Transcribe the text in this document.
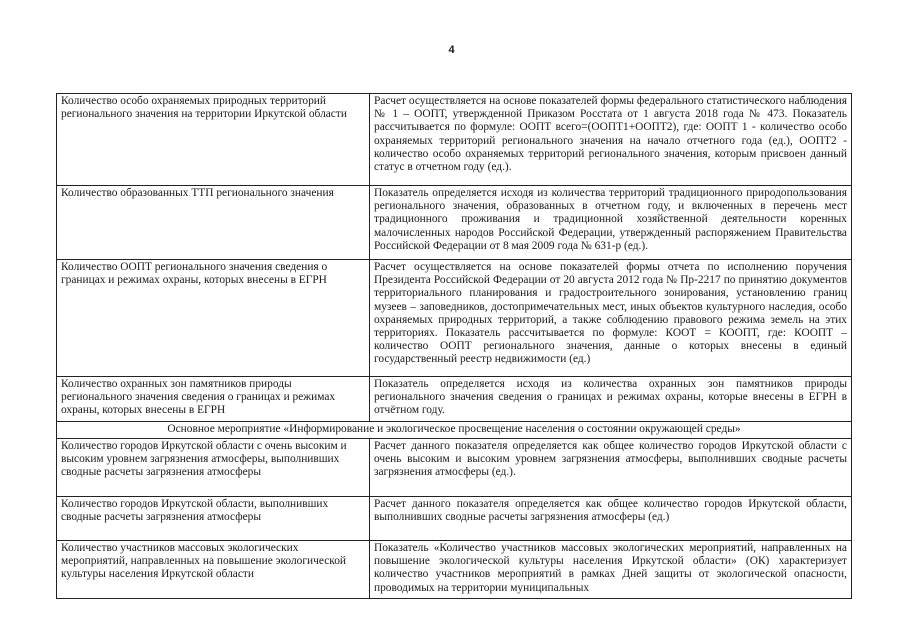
4
Количество особо охраняемых природных территорий регионального значения на территории Иркутской области	Расчет осуществляется на основе показателей формы федерального статистического наблюдения № 1 – ООПТ, утвержденной Приказом Росстата от 1 августа 2018 года № 473. Показатель рассчитывается по формуле: ООПТ всего=(ООПТ1+ООПТ2), где: ООПТ 1 - количество особо охраняемых территорий регионального значения на начало отчетного года (ед.), ООПТ2 - количество особо охраняемых территорий регионального значения, которым присвоен данный статус в отчетном году (ед.).
Количество образованных ТТП регионального значения	Показатель определяется исходя из количества территорий традиционного природопользования регионального значения, образованных в отчетном году, и включенных в перечень мест традиционного проживания и традиционной хозяйственной деятельности коренных малочисленных народов Российской Федерации, утвержденный распоряжением Правительства Российской Федерации от 8 мая 2009 года № 631-р (ед.).
Количество ООПТ регионального значения сведения о границах и режимах охраны, которых внесены в ЕГРН	Расчет осуществляется на основе показателей формы отчета по исполнению поручения Президента Российской Федерации от 20 августа 2012 года № Пр-2217 по принятию документов территориального планирования и градостроительного зонирования, установлению границ музеев – заповедников, достопримечательных мест, иных объектов культурного наследия, особо охраняемых природных территорий, а также соблюдению правового режима земель на этих территориях. Показатель рассчитывается по формуле: КООТ = КООПТ, где: КООПТ – количество ООПТ регионального значения, данные о которых внесены в единый государственный реестр недвижимости (ед.)
Количество охранных зон памятников природы регионального значения сведения о границах и режимах охраны, которых внесены в ЕГРН	Показатель определяется исходя из количества охранных зон памятников природы регионального значения сведения о границах и режимах охраны, которые внесены в ЕГРН в отчётном году.
Основное мероприятие «Информирование и экологическое просвещение населения о состоянии окружающей среды»	
Количество городов Иркутской области с очень высоким и высоким уровнем загрязнения атмосферы, выполнивших сводные расчеты загрязнения атмосферы	Расчет данного показателя определяется как общее количество городов Иркутской области с очень высоким и высоким уровнем загрязнения атмосферы, выполнивших сводные расчеты загрязнения атмосферы (ед.).
Количество городов Иркутской области, выполнивших сводные расчеты загрязнения атмосферы	Расчет данного показателя определяется как общее количество городов Иркутской области, выполнивших сводные расчеты загрязнения атмосферы (ед.)
Количество участников массовых экологических мероприятий, направленных на повышение экологической культуры населения Иркутской области	Показатель «Количество участников массовых экологических мероприятий, направленных на повышение экологической культуры населения Иркутской области» (ОК) характеризует количество участников мероприятий в рамках Дней защиты от экологической опасности, проводимых на территории муниципальных
